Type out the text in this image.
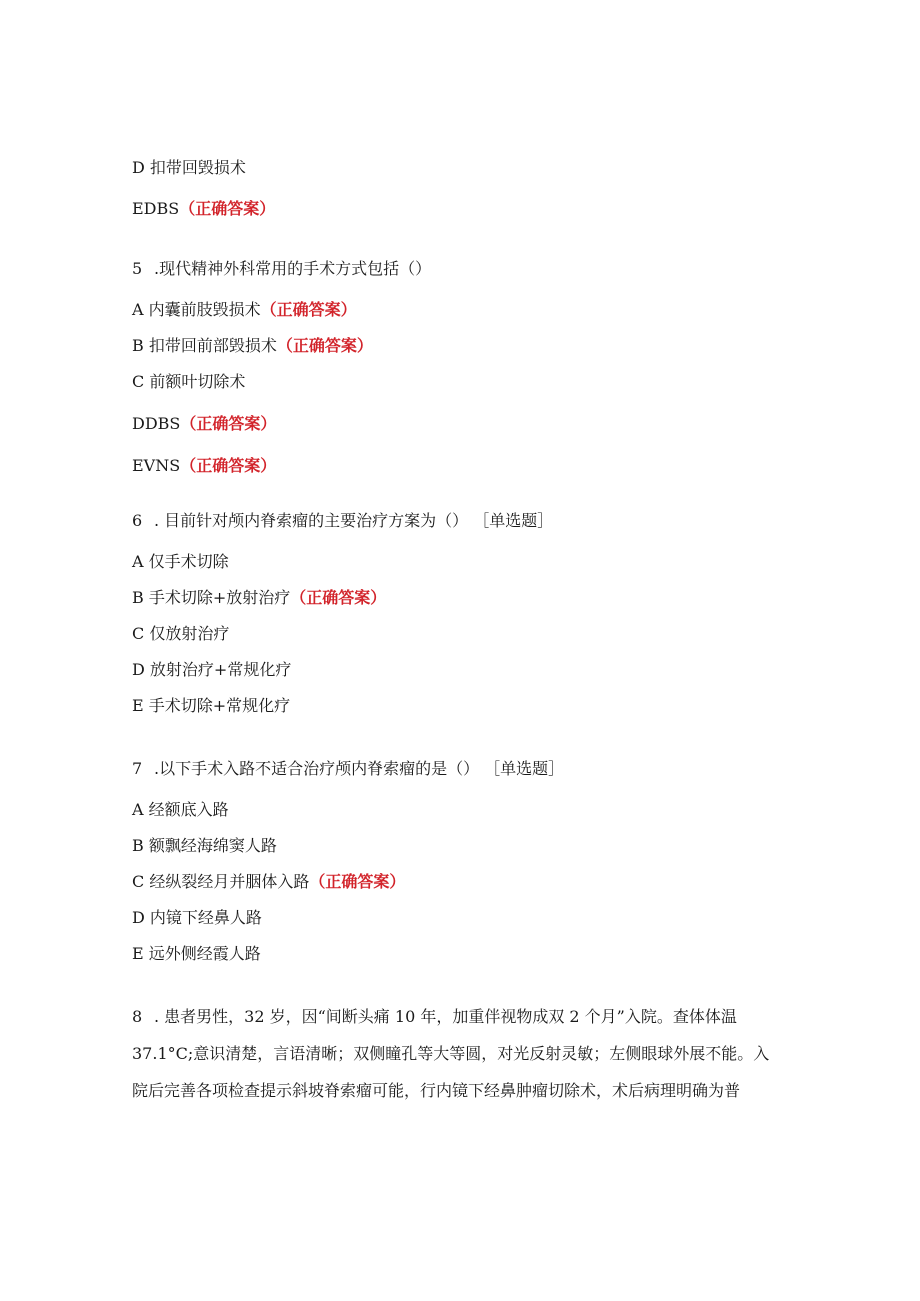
D 扣带回毁损术
EDBS（正确答案）
5 .现代精神外科常用的手术方式包括（）
A 内囊前肢毁损术（正确答案）
B 扣带回前部毁损术（正确答案）
C 前额叶切除术
DDBS（正确答案）
EVNS（正确答案）
6 . 目前针对颅内脊索瘤的主要治疗方案为（） ［单选题］
A 仅手术切除
B 手术切除+放射治疗（正确答案）
C 仅放射治疗
D 放射治疗+常规化疗
E 手术切除+常规化疗
7 .以下手术入路不适合治疗颅内脊索瘤的是（） ［单选题］
A 经额底入路
B 额飘经海绵窦人路
C 经纵裂经月并胭体入路（正确答案）
D 内镜下经鼻人路
E 远外侧经霞人路
8 . 患者男性，32 岁，因“间断头痛 10 年，加重伴视物成双 2 个月”入院。查体体温
37.1°C;意识清楚，言语清晰；双侧瞳孔等大等圆，对光反射灵敏；左侧眼球外展不能。入
院后完善各项检查提示斜坡脊索瘤可能，行内镜下经鼻肿瘤切除术，术后病理明确为普
